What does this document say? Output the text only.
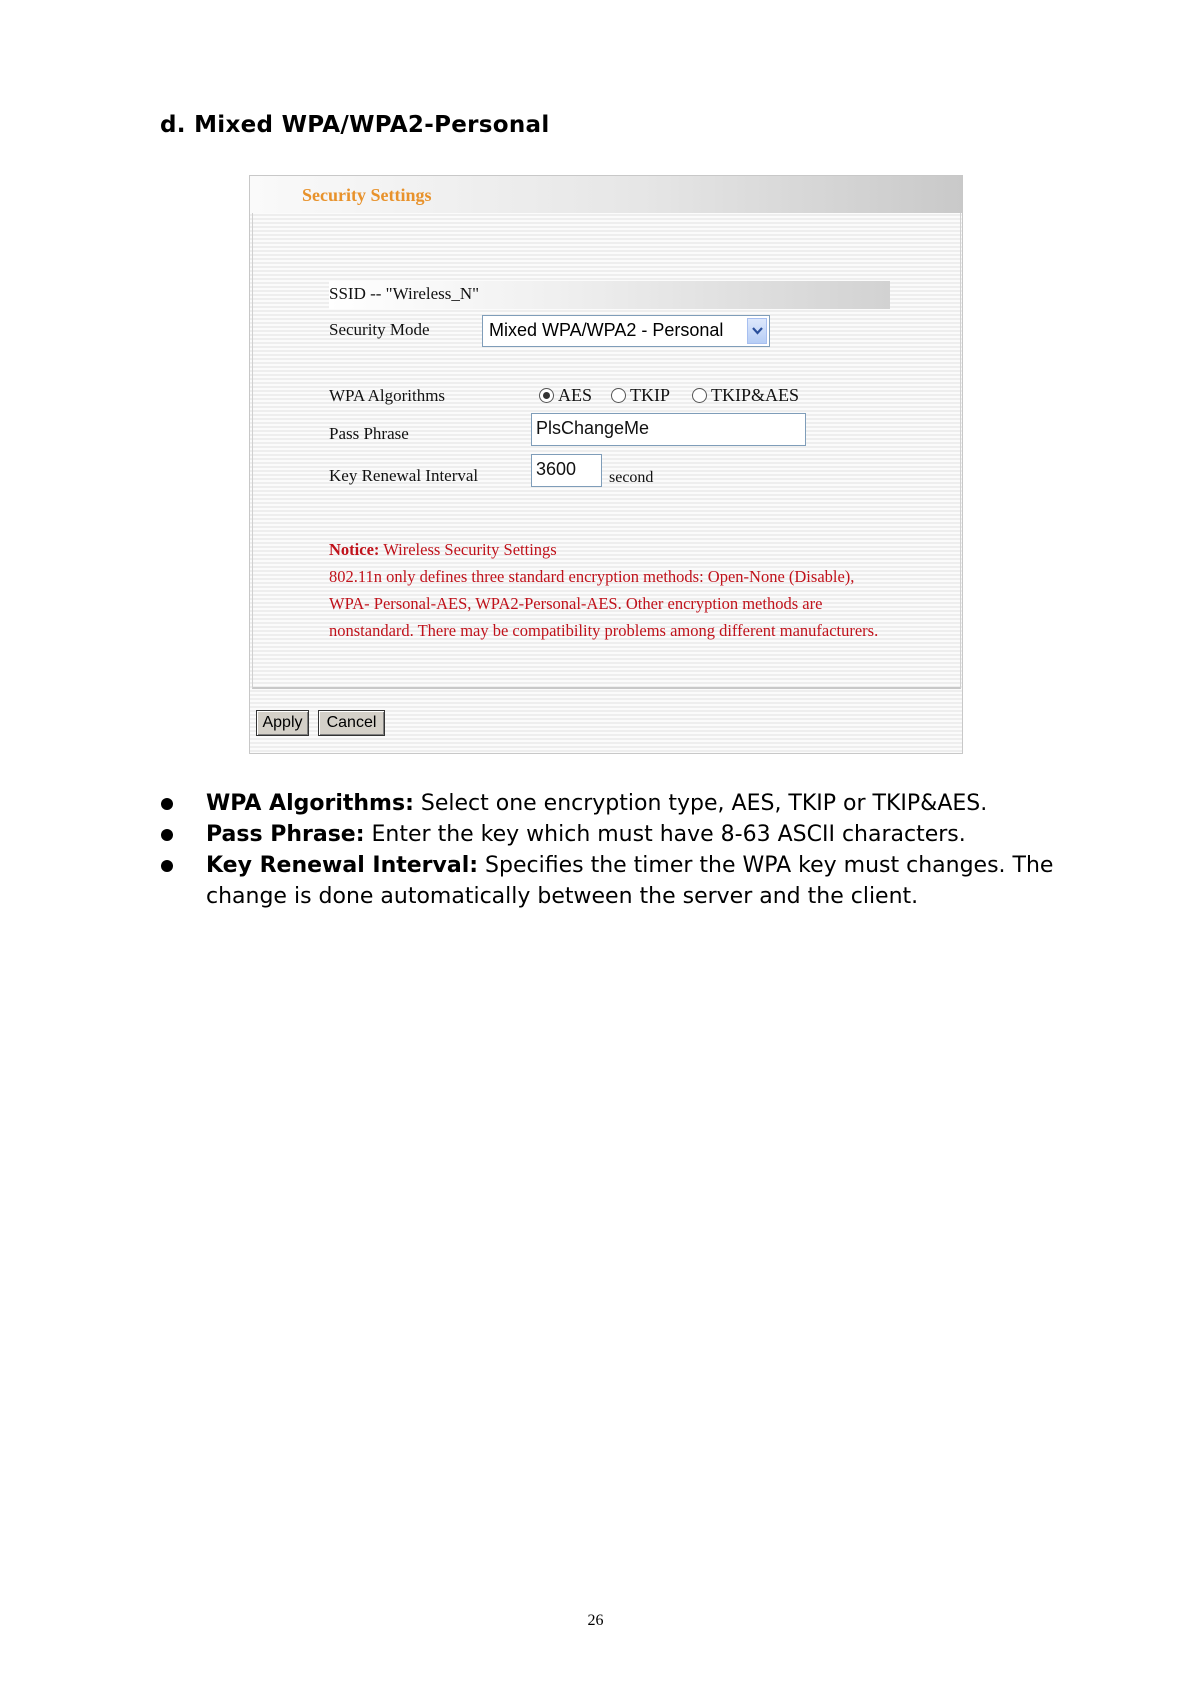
d. Mixed WPA/WPA2-Personal
Security Settings
SSID -- "Wireless_N"
Security Mode	Mixed WPA/WPA2 - Personal
WPA Algorithms	AES TKIP TKIP&AES
Pass Phrase	PlsChangeMe
Key Renewal Interval	3600	second
Notice: Wireless Security Settings
802.11n only defines three standard encryption methods: Open-None (Disable), WPA- Personal-AES, WPA2-Personal-AES. Other encryption methods are nonstandard. There may be compatibility problems among different manufacturers.
Apply	Cancel
WPA Algorithms: Select one encryption type, AES, TKIP or TKIP&AES.
Pass Phrase: Enter the key which must have 8-63 ASCII characters.
Key Renewal Interval: Specifies the timer the WPA key must changes. The change is done automatically between the server and the client.
26
